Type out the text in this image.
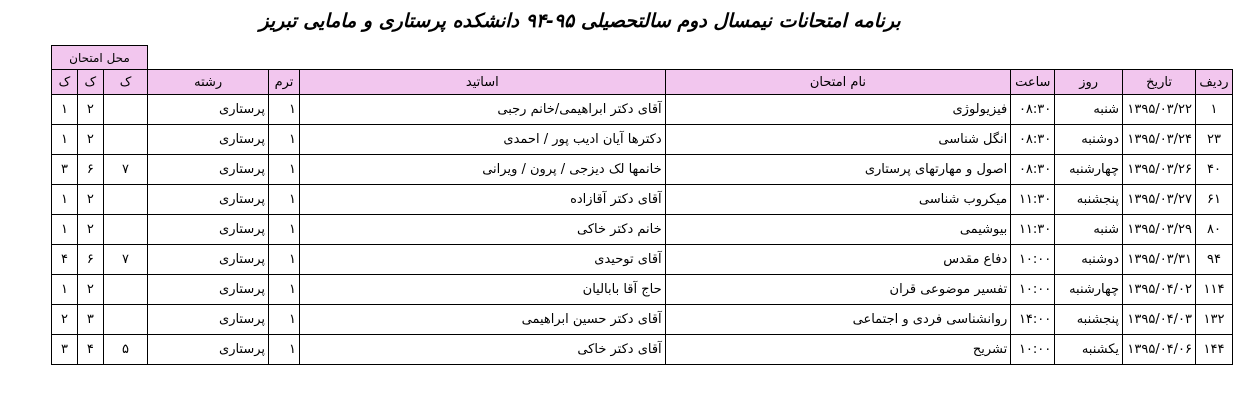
برنامه امتحانات نیمسال دوم سالتحصیلی ۹۵-۹۴ دانشکده پرستاری و مامایی تبریز
محل امتحان
ردیف	تاریخ	روز	ساعت	نام امتحان	اساتید	ترم	رشته	ک	ک	ک
۱	۱۳۹۵/۰۳/۲۲	شنبه	۰۸:۳۰	فیزیولوژی	آقای دکتر ابراهیمی/خانم رجبی	۱	پرستاری		۲	۱
۲۳	۱۳۹۵/۰۳/۲۴	دوشنبه	۰۸:۳۰	انگل شناسی	دکترها آیان ادیب پور / احمدی	۱	پرستاری		۲	۱
۴۰	۱۳۹۵/۰۳/۲۶	چهارشنبه	۰۸:۳۰	اصول و مهارتهای پرستاری	خانمها لک دیزجی / پرون / ویرانی	۱	پرستاری	۷	۶	۳
۶۱	۱۳۹۵/۰۳/۲۷	پنجشنبه	۱۱:۳۰	میکروب شناسی	آقای دکتر آقازاده	۱	پرستاری		۲	۱
۸۰	۱۳۹۵/۰۳/۲۹	شنبه	۱۱:۳۰	بیوشیمی	خانم دکتر خاکی	۱	پرستاری		۲	۱
۹۴	۱۳۹۵/۰۳/۳۱	دوشنبه	۱۰:۰۰	دفاع مقدس	آقای توحیدی	۱	پرستاری	۷	۶	۴
۱۱۴	۱۳۹۵/۰۴/۰۲	چهارشنبه	۱۰:۰۰	تفسیر موضوعی قران	حاج آقا بابالیان	۱	پرستاری		۲	۱
۱۳۲	۱۳۹۵/۰۴/۰۳	پنجشنبه	۱۴:۰۰	روانشناسی فردی و اجتماعی	آقای دکتر حسین ابراهیمی	۱	پرستاری		۳	۲
۱۴۴	۱۳۹۵/۰۴/۰۶	یکشنبه	۱۰:۰۰	تشریح	آقای دکتر خاکی	۱	پرستاری	۵	۴	۳
